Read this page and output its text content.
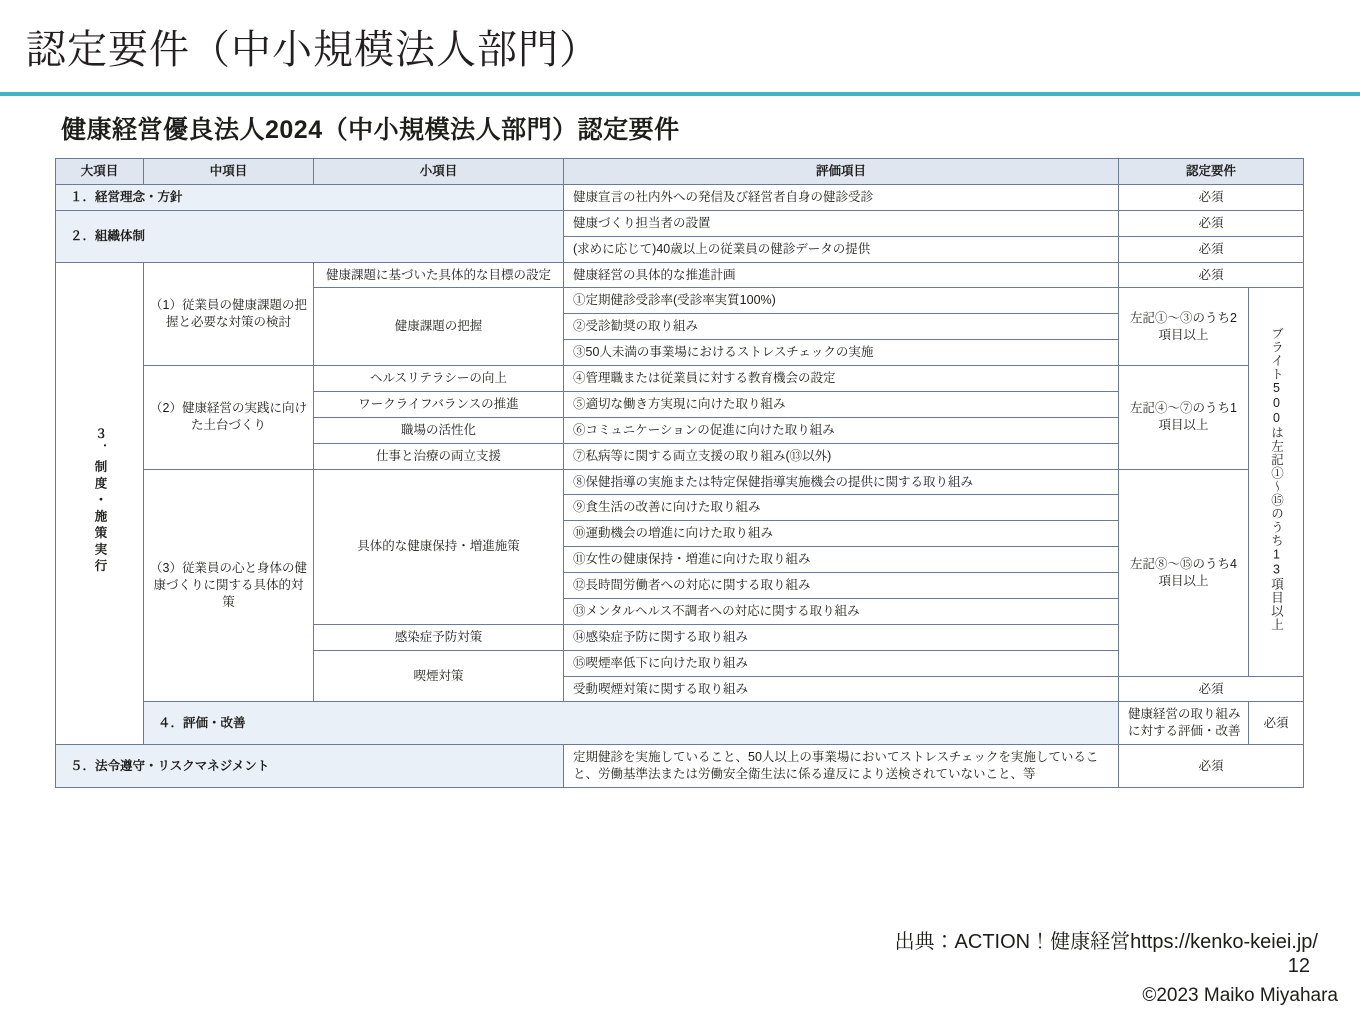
認定要件（中小規模法人部門）
健康経営優良法人2024（中小規模法人部門）認定要件
大項目	中項目	小項目	評価項目	認定要件	
１．経営理念・方針			健康宣言の社内外への発信及び経営者自身の健診受診	必須	
２．組織体制			健康づくり担当者の設置	必須	
			(求めに応じて)40歳以上の従業員の健診データの提供	必須	
３．制度・施策実行	（1）従業員の健康課題の把握と必要な対策の検討	健康課題に基づいた具体的な目標の設定	健康経営の具体的な推進計画	必須	
		健康課題の把握	①定期健診受診率(受診率実質100%)	左記①～③のうち2項目以上	ブライト500は左記①～⑮のうち13項目以上
			②受診勧奨の取り組み		
			③50人未満の事業場におけるストレスチェックの実施		
	（2）健康経営の実践に向けた土台づくり	ヘルスリテラシーの向上	④管理職または従業員に対する教育機会の設定	左記④～⑦のうち1項目以上	
		ワークライフバランスの推進	⑤適切な働き方実現に向けた取り組み		
		職場の活性化	⑥コミュニケーションの促進に向けた取り組み		
		仕事と治療の両立支援	⑦私病等に関する両立支援の取り組み(⑬以外)		
	（3）従業員の心と身体の健康づくりに関する具体的対策	具体的な健康保持・増進施策	⑧保健指導の実施または特定保健指導実施機会の提供に関する取り組み	左記⑧～⑮のうち4項目以上	
			⑨食生活の改善に向けた取り組み		
			⑩運動機会の増進に向けた取り組み		
			⑪女性の健康保持・増進に向けた取り組み		
			⑫長時間労働者への対応に関する取り組み		
			⑬メンタルヘルス不調者への対応に関する取り組み		
		感染症予防対策	⑭感染症予防に関する取り組み		
		喫煙対策	⑮喫煙率低下に向けた取り組み		
			受動喫煙対策に関する取り組み	必須	
	４．評価・改善			健康経営の取り組みに対する評価・改善	必須
５．法令遵守・リスクマネジメント			定期健診を実施していること、50人以上の事業場においてストレスチェックを実施していること、労働基準法または労働安全衛生法に係る違反により送検されていないこと、等	必須	
出典：ACTION！健康経営https://kenko-keiei.jp/
12
©2023 Maiko Miyahara
